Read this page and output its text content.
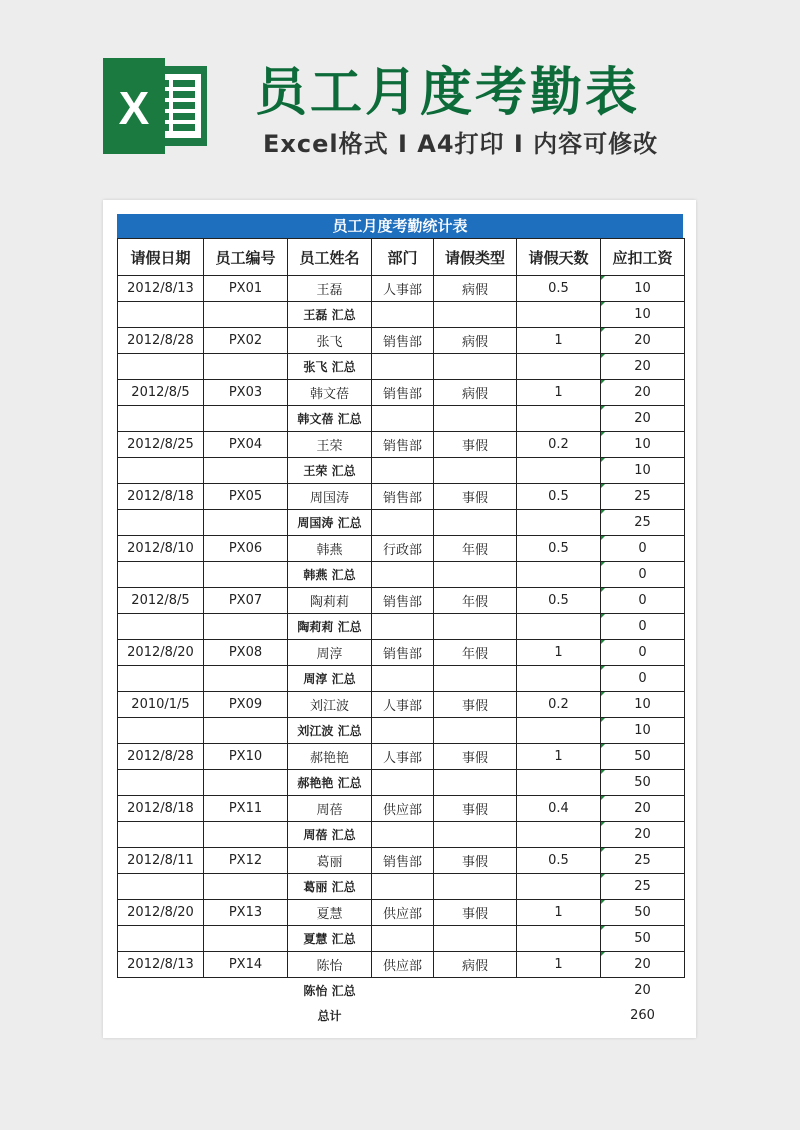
X 员工月度考勤表
Excel格式 I A4打印 I 内容可修改
员工月度考勤统计表
请假日期	员工编号	员工姓名	部门	请假类型	请假天数	应扣工资
2012/8/13	PX01	王磊	人事部	病假	0.5	10
		王磊 汇总				10
2012/8/28	PX02	张飞	销售部	病假	1	20
		张飞 汇总				20
2012/8/5	PX03	韩文蓓	销售部	病假	1	20
		韩文蓓 汇总				20
2012/8/25	PX04	王荣	销售部	事假	0.2	10
		王荣 汇总				10
2012/8/18	PX05	周国涛	销售部	事假	0.5	25
		周国涛 汇总				25
2012/8/10	PX06	韩燕	行政部	年假	0.5	0
		韩燕 汇总				0
2012/8/5	PX07	陶莉莉	销售部	年假	0.5	0
		陶莉莉 汇总				0
2012/8/20	PX08	周淳	销售部	年假	1	0
		周淳 汇总				0
2010/1/5	PX09	刘江波	人事部	事假	0.2	10
		刘江波 汇总				10
2012/8/28	PX10	郝艳艳	人事部	事假	1	50
		郝艳艳 汇总				50
2012/8/18	PX11	周蓓	供应部	事假	0.4	20
		周蓓 汇总				20
2012/8/11	PX12	葛丽	销售部	事假	0.5	25
		葛丽 汇总				25
2012/8/20	PX13	夏慧	供应部	事假	1	50
		夏慧 汇总				50
2012/8/13	PX14	陈怡	供应部	病假	1	20
		陈怡 汇总				20
		总计				260
